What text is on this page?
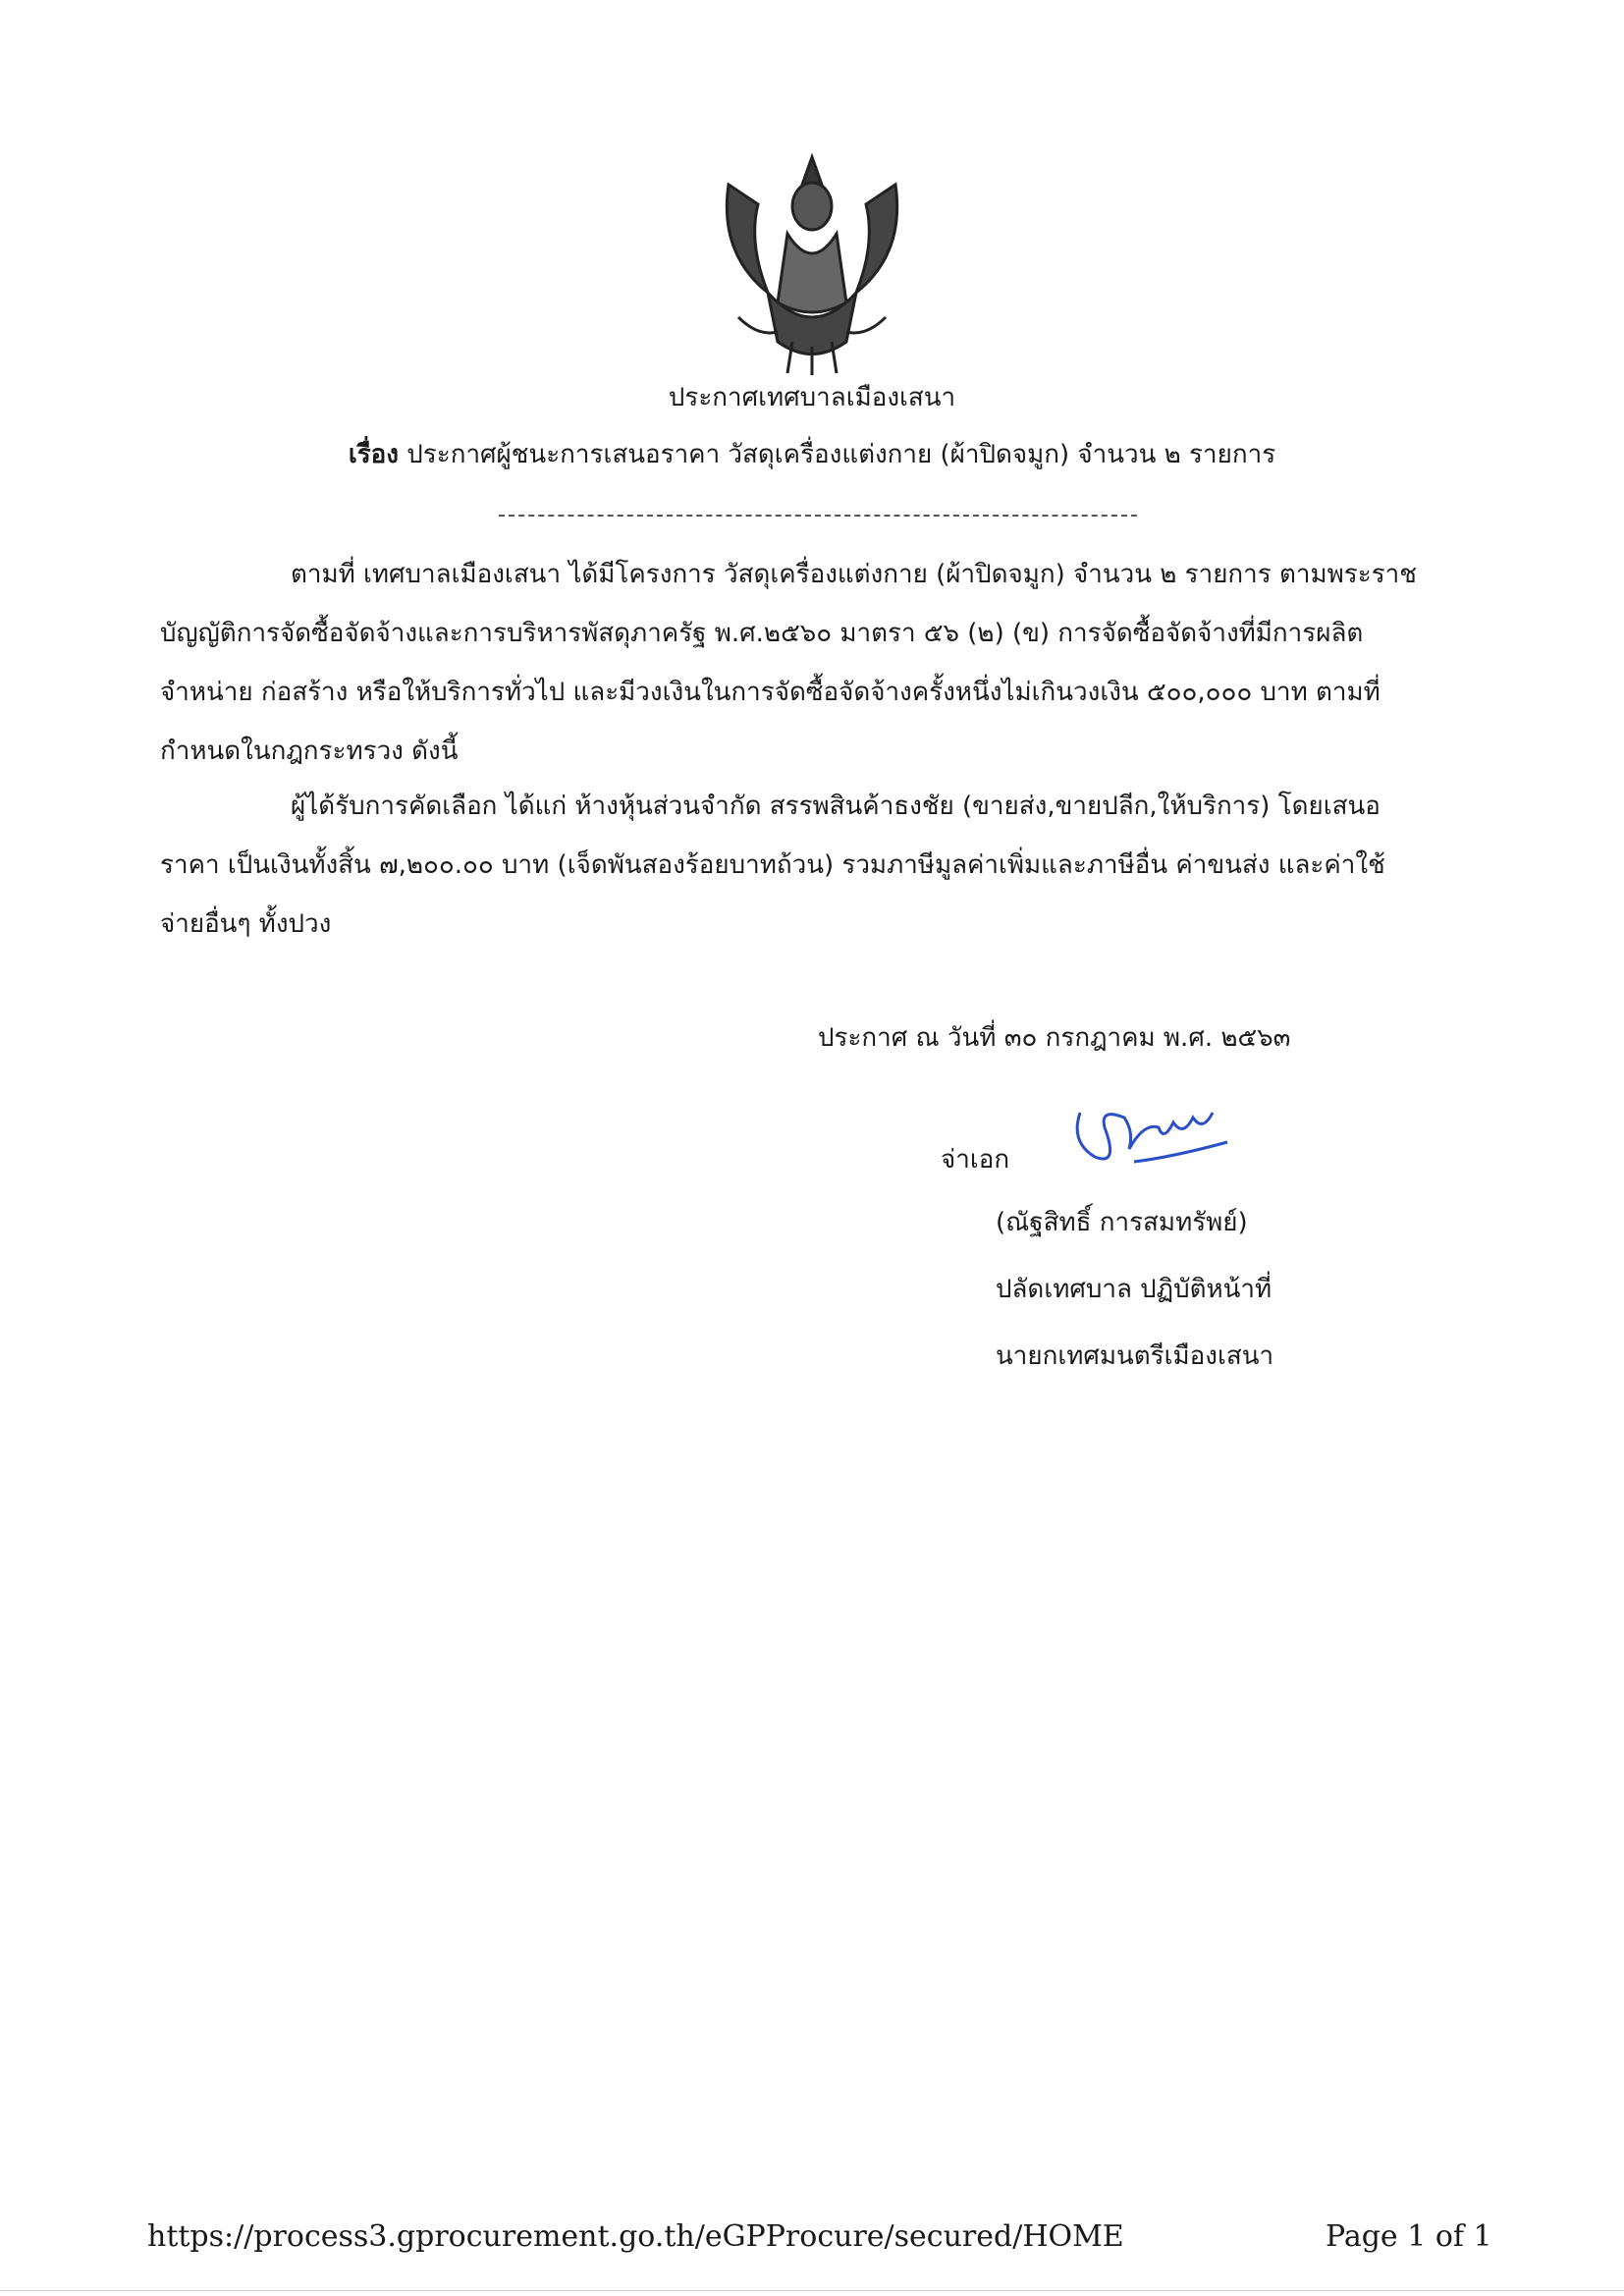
ประกาศเทศบาลเมืองเสนา
เรื่อง ประกาศผู้ชนะการเสนอราคา วัสดุเครื่องแต่งกาย (ผ้าปิดจมูก) จำนวน ๒ รายการ
ตามที่ เทศบาลเมืองเสนา ได้มีโครงการ วัสดุเครื่องแต่งกาย (ผ้าปิดจมูก) จำนวน ๒ รายการ ตามพระราช
บัญญัติการจัดซื้อจัดจ้างและการบริหารพัสดุภาครัฐ พ.ศ.๒๕๖๐ มาตรา ๕๖ (๒) (ข) การจัดซื้อจัดจ้างที่มีการผลิต
จำหน่าย ก่อสร้าง หรือให้บริการทั่วไป และมีวงเงินในการจัดซื้อจัดจ้างครั้งหนึ่งไม่เกินวงเงิน ๕๐๐,๐๐๐ บาท ตามที่
กำหนดในกฎกระทรวง ดังนี้
ผู้ได้รับการคัดเลือก ได้แก่ ห้างหุ้นส่วนจำกัด สรรพสินค้าธงชัย (ขายส่ง,ขายปลีก,ให้บริการ) โดยเสนอ
ราคา เป็นเงินทั้งสิ้น ๗,๒๐๐.๐๐ บาท (เจ็ดพันสองร้อยบาทถ้วน) รวมภาษีมูลค่าเพิ่มและภาษีอื่น ค่าขนส่ง และค่าใช้
จ่ายอื่นๆ ทั้งปวง
ประกาศ ณ วันที่ ๓๐ กรกฎาคม พ.ศ. ๒๕๖๓
จ่าเอก
(ณัฐสิทธิ์ การสมทรัพย์)
ปลัดเทศบาล ปฏิบัติหน้าที่
นายกเทศมนตรีเมืองเสนา
https://process3.gprocurement.go.th/eGPProcure/secured/HOME	Page 1 of 1
